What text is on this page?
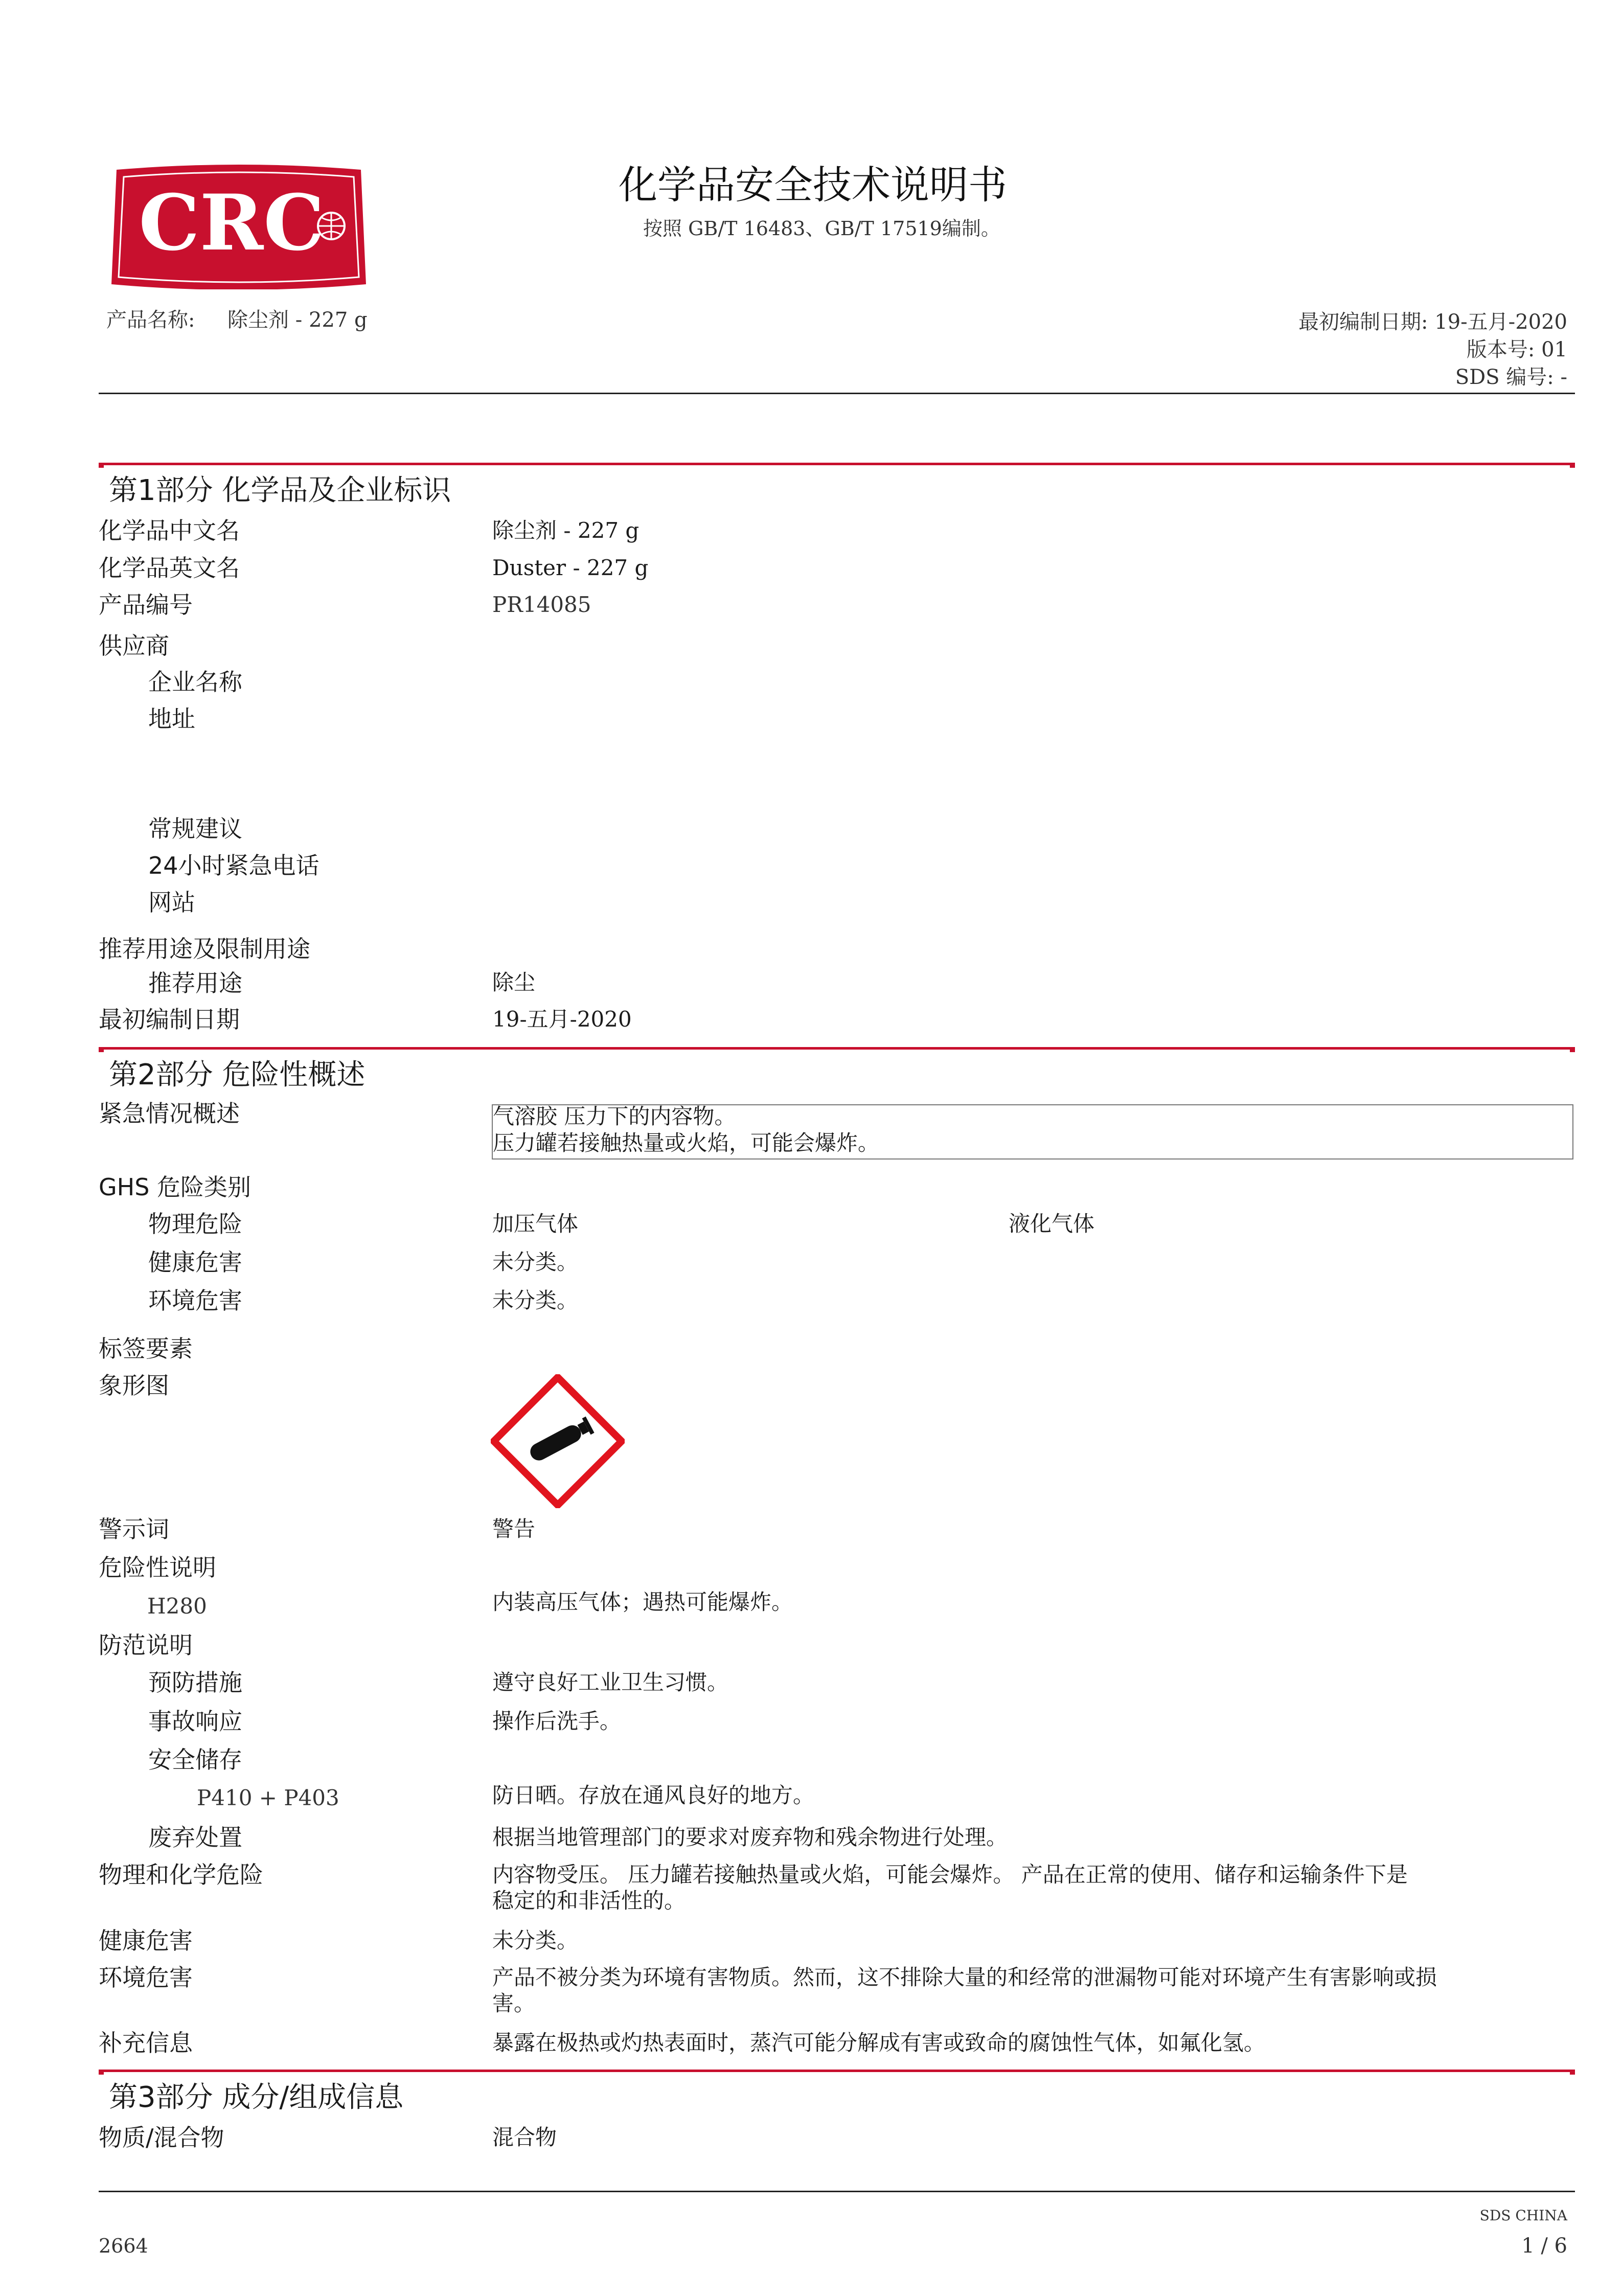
CRC	化学品安全技术说明书
按照 GB/T 16483、GB/T 17519编制。
产品名称: 除尘剂 - 227 g	最初编制日期: 19-五月-2020
版本号: 01
SDS 编号: -
第1部分 化学品及企业标识
化学品中文名	除尘剂 - 227 g
化学品英文名	Duster - 227 g
产品编号	PR14085
供应商
企业名称
地址
常规建议
24小时紧急电话
网站
推荐用途及限制用途
推荐用途	除尘
最初编制日期	19-五月-2020
第2部分 危险性概述
紧急情况概述	气溶胶 压力下的内容物。
压力罐若接触热量或火焰，可能会爆炸。
GHS 危险类别
物理危险	加压气体	液化气体
健康危害	未分类。
环境危害	未分类。
标签要素
象形图
警示词	警告
危险性说明
H280	内装高压气体；遇热可能爆炸。
防范说明
预防措施	遵守良好工业卫生习惯。
事故响应	操作后洗手。
安全储存
P410 + P403	防日晒。存放在通风良好的地方。
废弃处置	根据当地管理部门的要求对废弃物和残余物进行处理。
物理和化学危险	内容物受压。 压力罐若接触热量或火焰，可能会爆炸。 产品在正常的使用、储存和运输条件下是
稳定的和非活性的。
健康危害	未分类。
环境危害	产品不被分类为环境有害物质。然而，这不排除大量的和经常的泄漏物可能对环境产生有害影响或损
害。
补充信息	暴露在极热或灼热表面时，蒸汽可能分解成有害或致命的腐蚀性气体，如氟化氢。
第3部分 成分/组成信息
物质/混合物	混合物
2664
SDS CHINA
1 / 6
